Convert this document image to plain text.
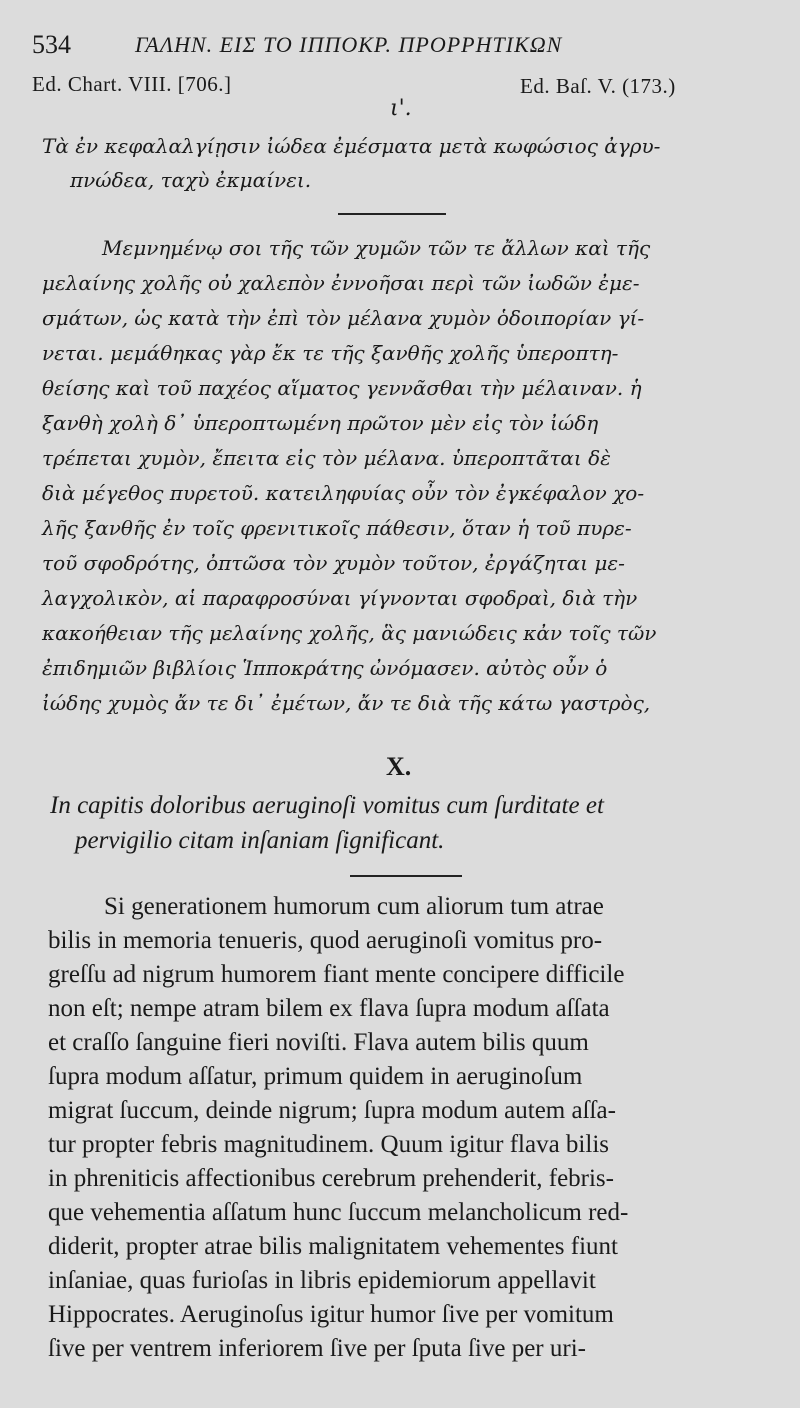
534	ΓΑΛΗΝ. ΕΙΣ ΤΟ ΙΠΠΟΚΡ. ΠΡΟΡΡΗΤΙΚΩΝ
Ed. Chart. VIII. [706.]	Ed. Baſ. V. (173.)
ι'.
Τὰ ἐν κεφαλαλγίῃσιν ἰώδεα ἐμέσματα μετὰ κωφώσιος ἀγρυ-
πνώδεα, ταχὺ ἐκμαίνει.
Μεμνημένῳ σοι τῆς τῶν χυμῶν τῶν τε ἄλλων καὶ τῆς
μελαίνης χολῆς οὐ χαλεπὸν ἐννοῆσαι περὶ τῶν ἰωδῶν ἐμε-
σμάτων, ὡς κατὰ τὴν ἐπὶ τὸν μέλανα χυμὸν ὁδοιπορίαν γί-
νεται. μεμάθηκας γὰρ ἔκ τε τῆς ξανθῆς χολῆς ὑπεροπτη-
θείσης καὶ τοῦ παχέος αἵματος γεννᾶσθαι τὴν μέλαιναν. ἡ
ξανθὴ χολὴ δ᾽ ὑπεροπτωμένη πρῶτον μὲν εἰς τὸν ἰώδη
τρέπεται χυμὸν, ἔπειτα εἰς τὸν μέλανα. ὑπεροπτᾶται δὲ
διὰ μέγεθος πυρετοῦ. κατειληφυίας οὖν τὸν ἐγκέφαλον χο-
λῆς ξανθῆς ἐν τοῖς φρενιτικοῖς πάθεσιν, ὅταν ἡ τοῦ πυρε-
τοῦ σφοδρότης, ὀπτῶσα τὸν χυμὸν τοῦτον, ἐργάζηται με-
λαγχολικὸν, αἱ παραφροσύναι γίγνονται σφοδραὶ, διὰ τὴν
κακοήθειαν τῆς μελαίνης χολῆς, ἃς μανιώδεις κἀν τοῖς τῶν
ἐπιδημιῶν βιβλίοις Ἱπποκράτης ὠνόμασεν. αὐτὸς οὖν ὁ
ἰώδης χυμὸς ἄν τε δι᾽ ἐμέτων, ἄν τε διὰ τῆς κάτω γαστρὸς,
X.
In capitis doloribus aeruginoſi vomitus cum ſurditate et
pervigilio citam inſaniam ſignificant.
Si generationem humorum cum aliorum tum atrae
bilis in memoria tenueris, quod aeruginoſi vomitus pro-
greſſu ad nigrum humorem fiant mente concipere difficile
non eſt; nempe atram bilem ex flava ſupra modum aſſata
et craſſo ſanguine fieri noviſti. Flava autem bilis quum
ſupra modum aſſatur, primum quidem in aeruginoſum
migrat ſuccum, deinde nigrum; ſupra modum autem aſſa-
tur propter febris magnitudinem. Quum igitur flava bilis
in phreniticis affectionibus cerebrum prehenderit, febris-
que vehementia aſſatum hunc ſuccum melancholicum red-
diderit, propter atrae bilis malignitatem vehementes fiunt
inſaniae, quas furioſas in libris epidemiorum appellavit
Hippocrates. Aeruginoſus igitur humor ſive per vomitum
ſive per ventrem inferiorem ſive per ſputa ſive per uri-
